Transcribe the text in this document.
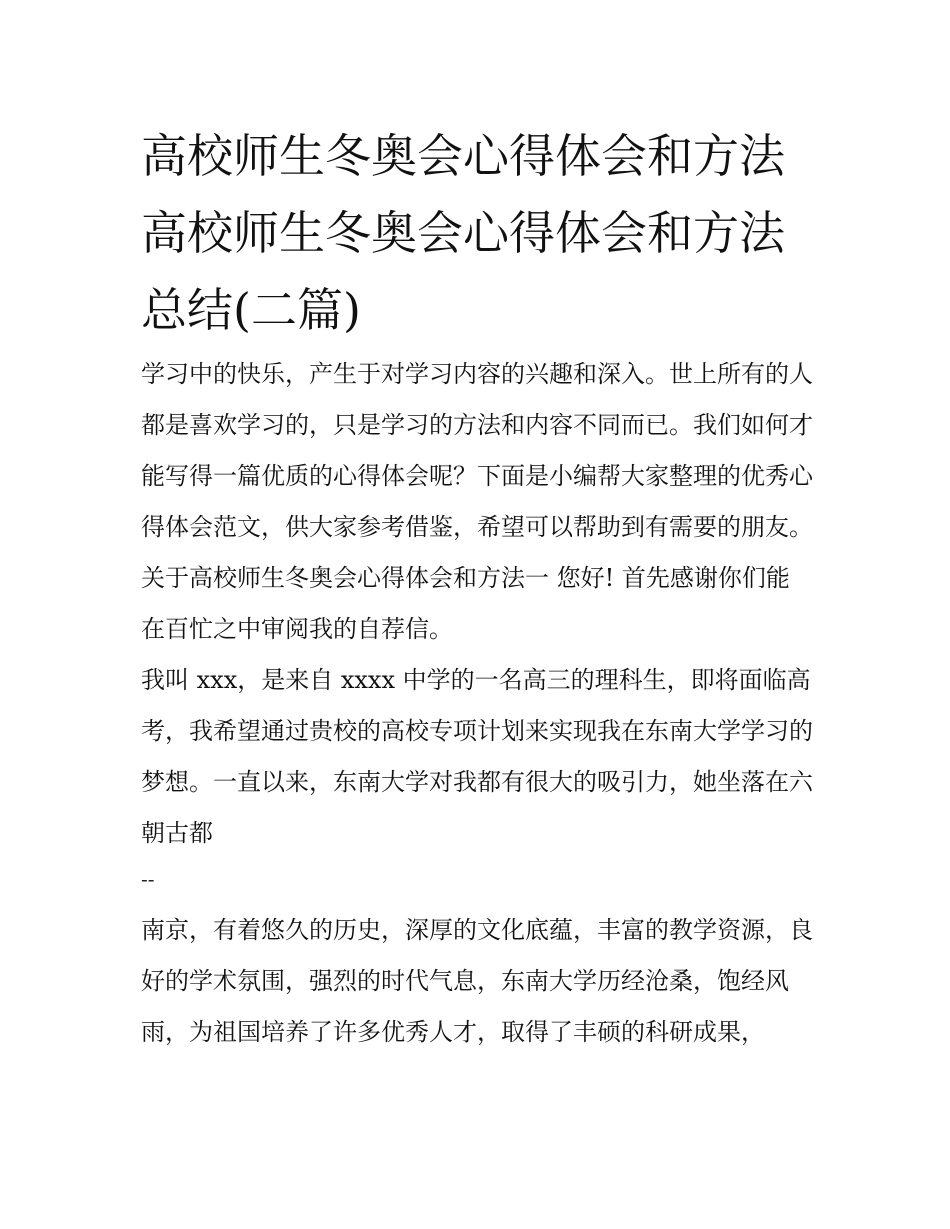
高校师生冬奥会心得体会和方法 高校师生冬奥会心得体会和方法总结(二篇)

学习中的快乐，产生于对学习内容的兴趣和深入。世上所有的人都是喜欢学习的，只是学习的方法和内容不同而已。我们如何才能写得一篇优质的心得体会呢？下面是小编帮大家整理的优秀心得体会范文，供大家参考借鉴，希望可以帮助到有需要的朋友。

关于高校师生冬奥会心得体会和方法一 您好! 首先感谢你们能在百忙之中审阅我的自荐信。

我叫 xxx，是来自 xxxx 中学的一名高三的理科生，即将面临高考，我希望通过贵校的高校专项计划来实现我在东南大学学习的梦想。一直以来，东南大学对我都有很大的吸引力，她坐落在六朝古都

--

南京，有着悠久的历史，深厚的文化底蕴，丰富的教学资源，良好的学术氛围，强烈的时代气息，东南大学历经沧桑，饱经风雨，为祖国培养了许多优秀人才，取得了丰硕的科研成果，
